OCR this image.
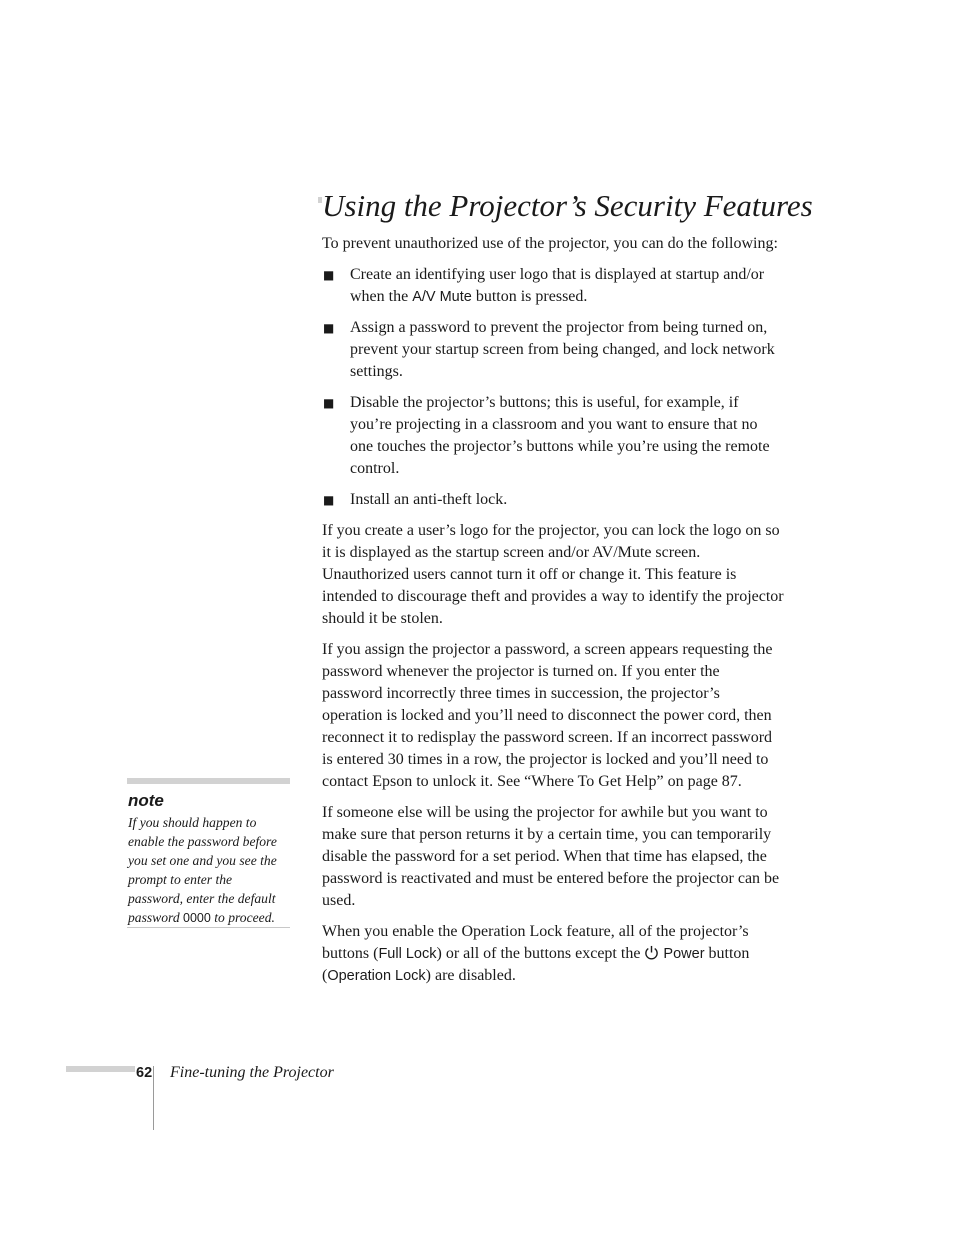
Using the Projector’s Security Features

To prevent unauthorized use of the projector, you can do the following:

■ Create an identifying user logo that is displayed at startup and/or when the A/V Mute button is pressed.
■ Assign a password to prevent the projector from being turned on, prevent your startup screen from being changed, and lock network settings.
■ Disable the projector’s buttons; this is useful, for example, if you’re projecting in a classroom and you want to ensure that no one touches the projector’s buttons while you’re using the remote control.
■ Install an anti-theft lock.

If you create a user’s logo for the projector, you can lock the logo on so it is displayed as the startup screen and/or AV/Mute screen. Unauthorized users cannot turn it off or change it. This feature is intended to discourage theft and provides a way to identify the projector should it be stolen.

If you assign the projector a password, a screen appears requesting the password whenever the projector is turned on. If you enter the password incorrectly three times in succession, the projector’s operation is locked and you’ll need to disconnect the power cord, then reconnect it to redisplay the password screen. If an incorrect password is entered 30 times in a row, the projector is locked and you’ll need to contact Epson to unlock it. See “Where To Get Help” on page 87.

If someone else will be using the projector for awhile but you want to make sure that person returns it by a certain time, you can temporarily disable the password for a set period. When that time has elapsed, the password is reactivated and must be entered before the projector can be used.

When you enable the Operation Lock feature, all of the projector’s buttons (Full Lock) or all of the buttons except the Power button (Operation Lock) are disabled.

note
If you should happen to enable the password before you set one and you see the prompt to enter the password, enter the default password 0000 to proceed.
62 Fine-tuning the Projector
